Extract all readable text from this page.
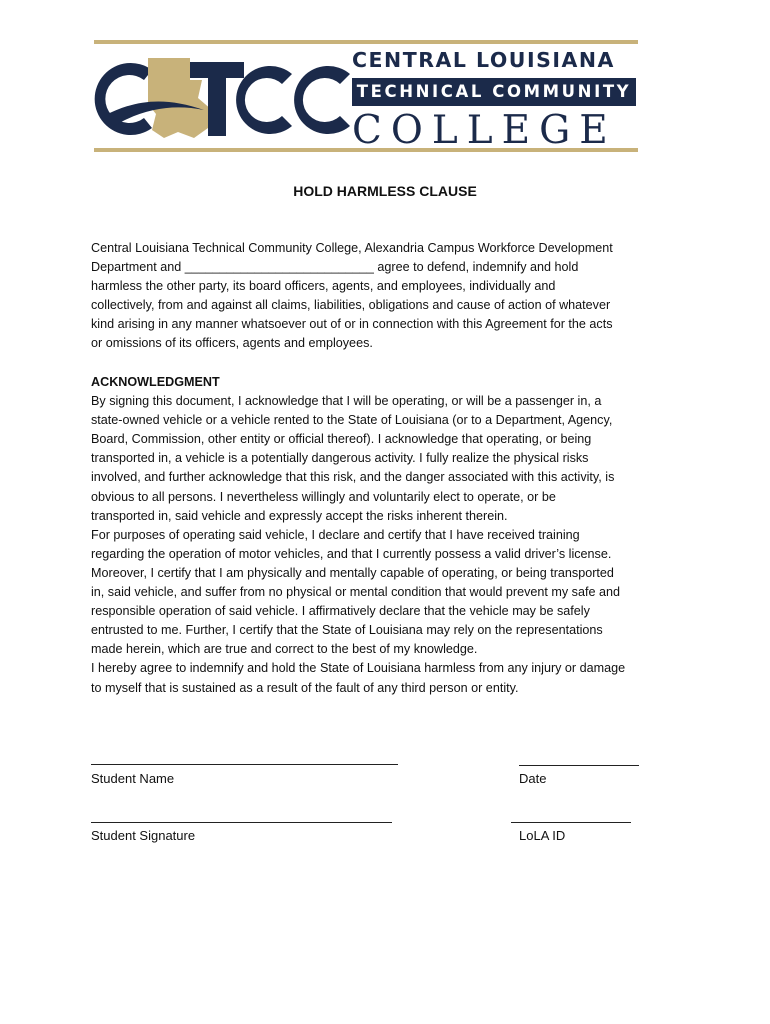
CENTRAL LOUISIANA
TECHNICAL COMMUNITY
COLLEGE
HOLD HARMLESS CLAUSE

Central Louisiana Technical Community College, Alexandria Campus Workforce Development

Department and ___________________________ agree to defend, indemnify and hold

harmless the other party, its board officers, agents, and employees, individually and

collectively, from and against all claims, liabilities, obligations and cause of action of whatever

kind arising in any manner whatsoever out of or in connection with this Agreement for the acts

or omissions of its officers, agents and employees.

ACKNOWLEDGMENT

By signing this document, I acknowledge that I will be operating, or will be a passenger in, a

state-owned vehicle or a vehicle rented to the State of Louisiana (or to a Department, Agency,

Board, Commission, other entity or official thereof). I acknowledge that operating, or being

transported in, a vehicle is a potentially dangerous activity. I fully realize the physical risks

involved, and further acknowledge that this risk, and the danger associated with this activity, is

obvious to all persons. I nevertheless willingly and voluntarily elect to operate, or be

transported in, said vehicle and expressly accept the risks inherent therein.

For purposes of operating said vehicle, I declare and certify that I have received training

regarding the operation of motor vehicles, and that I currently possess a valid driver’s license.

Moreover, I certify that I am physically and mentally capable of operating, or being transported

in, said vehicle, and suffer from no physical or mental condition that would prevent my safe and

responsible operation of said vehicle. I affirmatively declare that the vehicle may be safely

entrusted to me. Further, I certify that the State of Louisiana may rely on the representations

made herein, which are true and correct to the best of my knowledge.

I hereby agree to indemnify and hold the State of Louisiana harmless from any injury or damage

to myself that is sustained as a result of the fault of any third person or entity.

Student Name	Date
Student Signature	LoLA ID
